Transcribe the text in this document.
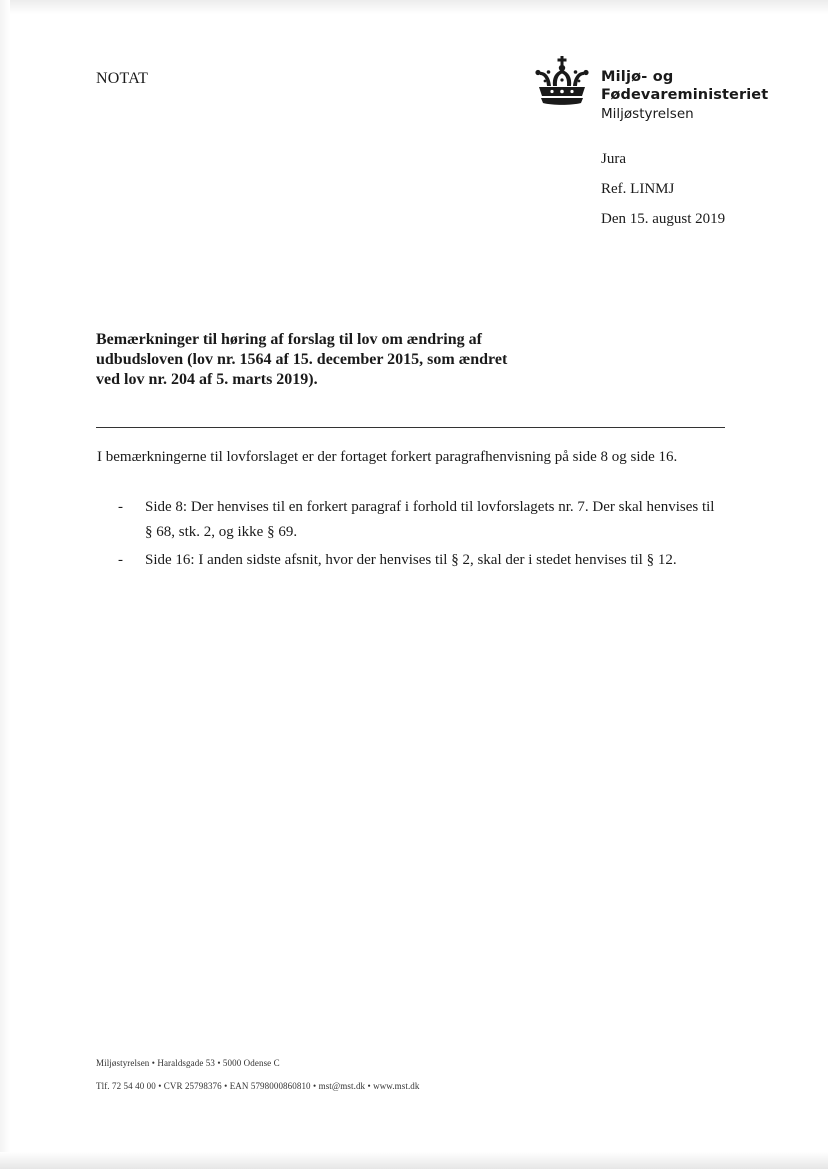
NOTAT	Miljø- og
Fødevareministeriet
Miljøstyrelsen
Jura
Ref. LINMJ
Den 15. august 2019
Bemærkninger til høring af forslag til lov om ændring af
udbudsloven (lov nr. 1564 af 15. december 2015, som ændret
ved lov nr. 204 af 5. marts 2019).
I bemærkningerne til lovforslaget er der fortaget forkert paragrafhenvisning på side 8 og side 16.
- Side 8: Der henvises til en forkert paragraf i forhold til lovforslagets nr. 7. Der skal henvises til § 68, stk. 2, og ikke § 69.
- Side 16: I anden sidste afsnit, hvor der henvises til § 2, skal der i stedet henvises til § 12.
Miljøstyrelsen • Haraldsgade 53 • 5000 Odense C
Tlf. 72 54 40 00 • CVR 25798376 • EAN 5798000860810 • mst@mst.dk • www.mst.dk
